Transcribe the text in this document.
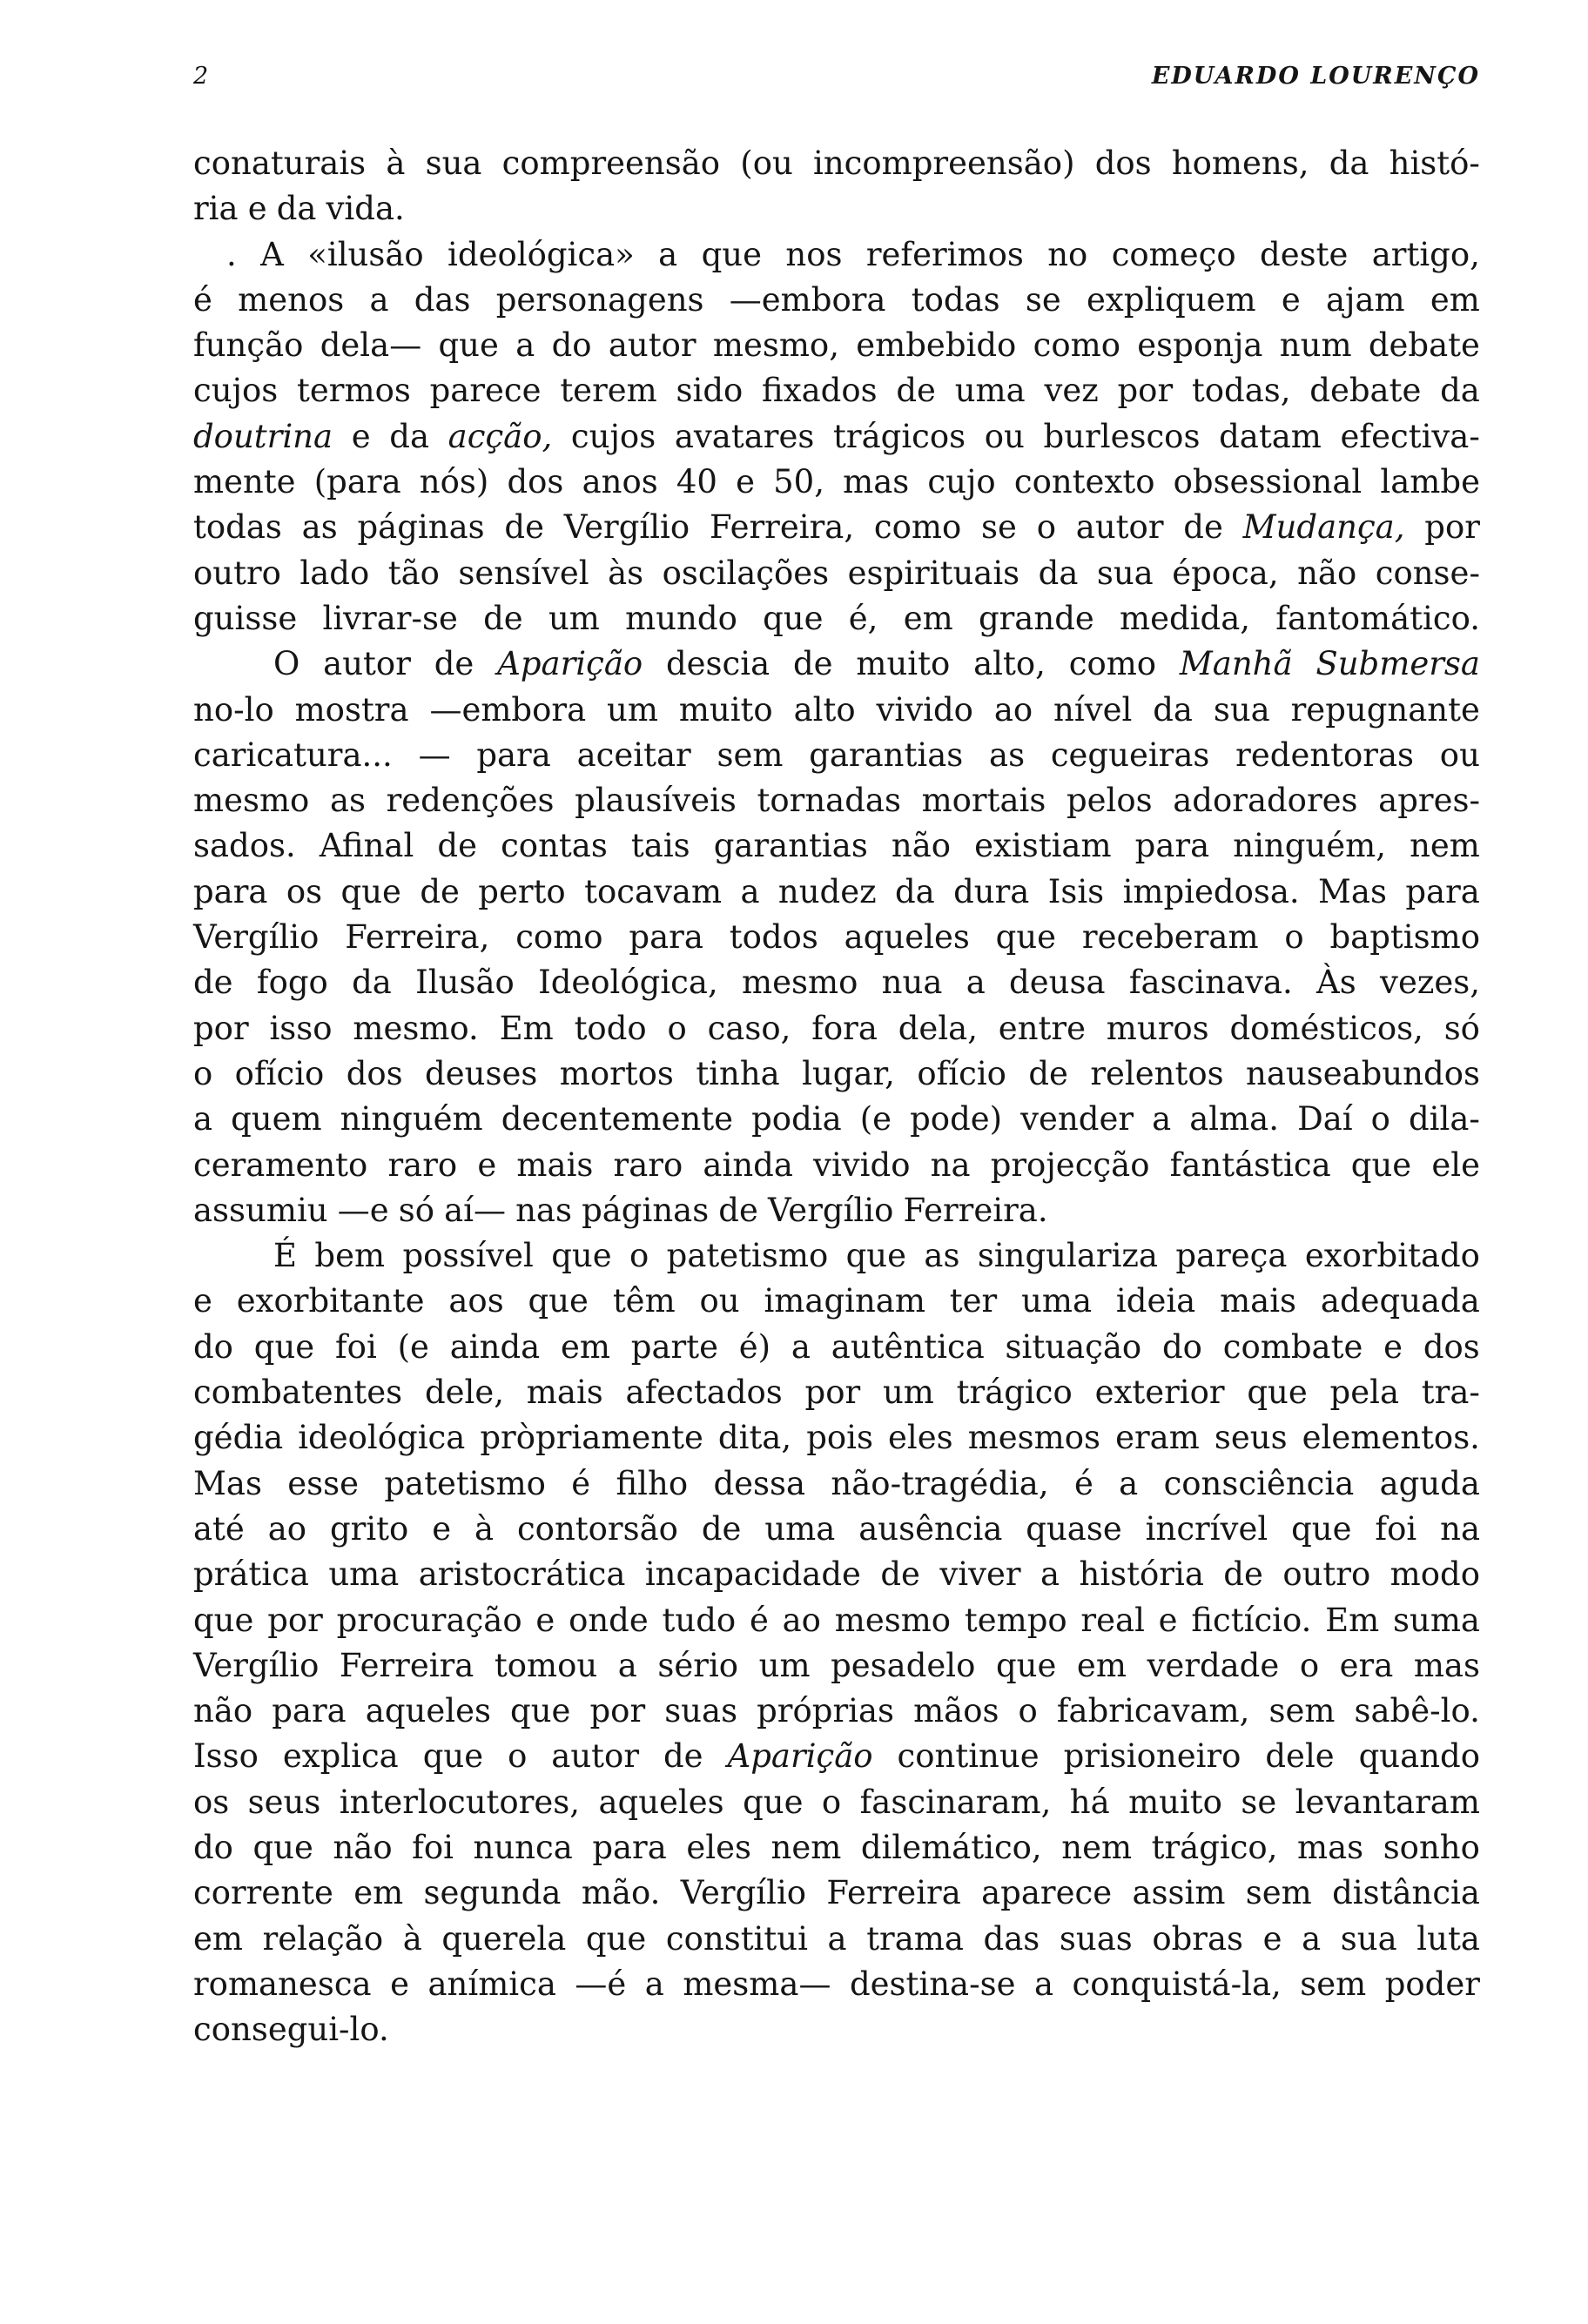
2	EDUARDO LOURENÇO
conaturais à sua compreensão (ou incompreensão) dos homens, da histó-
ria e da vida.
. A «ilusão ideológica» a que nos referimos no começo deste artigo,
é menos a das personagens —embora todas se expliquem e ajam em
função dela— que a do autor mesmo, embebido como esponja num debate
cujos termos parece terem sido fixados de uma vez por todas, debate da
doutrina e da acção, cujos avatares trágicos ou burlescos datam efectiva-
mente (para nós) dos anos 40 e 50, mas cujo contexto obsessional lambe
todas as páginas de Vergílio Ferreira, como se o autor de Mudança, por
outro lado tão sensível às oscilações espirituais da sua época, não conse-
guisse livrar-se de um mundo que é, em grande medida, fantomático.
O autor de Aparição descia de muito alto, como Manhã Submersa
no-lo mostra —embora um muito alto vivido ao nível da sua repugnante
caricatura... — para aceitar sem garantias as cegueiras redentoras ou
mesmo as redenções plausíveis tornadas mortais pelos adoradores apres-
sados. Afinal de contas tais garantias não existiam para ninguém, nem
para os que de perto tocavam a nudez da dura Isis impiedosa. Mas para
Vergílio Ferreira, como para todos aqueles que receberam o baptismo
de fogo da Ilusão Ideológica, mesmo nua a deusa fascinava. Às vezes,
por isso mesmo. Em todo o caso, fora dela, entre muros domésticos, só
o ofício dos deuses mortos tinha lugar, ofício de relentos nauseabundos
a quem ninguém decentemente podia (e pode) vender a alma. Daí o dila-
ceramento raro e mais raro ainda vivido na projecção fantástica que ele
assumiu —e só aí— nas páginas de Vergílio Ferreira.
É bem possível que o patetismo que as singulariza pareça exorbitado
e exorbitante aos que têm ou imaginam ter uma ideia mais adequada
do que foi (e ainda em parte é) a autêntica situação do combate e dos
combatentes dele, mais afectados por um trágico exterior que pela tra-
gédia ideológica pròpriamente dita, pois eles mesmos eram seus elementos.
Mas esse patetismo é filho dessa não-tragédia, é a consciência aguda
até ao grito e à contorsão de uma ausência quase incrível que foi na
prática uma aristocrática incapacidade de viver a história de outro modo
que por procuração e onde tudo é ao mesmo tempo real e fictício. Em suma
Vergílio Ferreira tomou a sério um pesadelo que em verdade o era mas
não para aqueles que por suas próprias mãos o fabricavam, sem sabê-lo.
Isso explica que o autor de Aparição continue prisioneiro dele quando
os seus interlocutores, aqueles que o fascinaram, há muito se levantaram
do que não foi nunca para eles nem dilemático, nem trágico, mas sonho
corrente em segunda mão. Vergílio Ferreira aparece assim sem distância
em relação à querela que constitui a trama das suas obras e a sua luta
romanesca e anímica —é a mesma— destina-se a conquistá-la, sem poder
consegui-lo.
